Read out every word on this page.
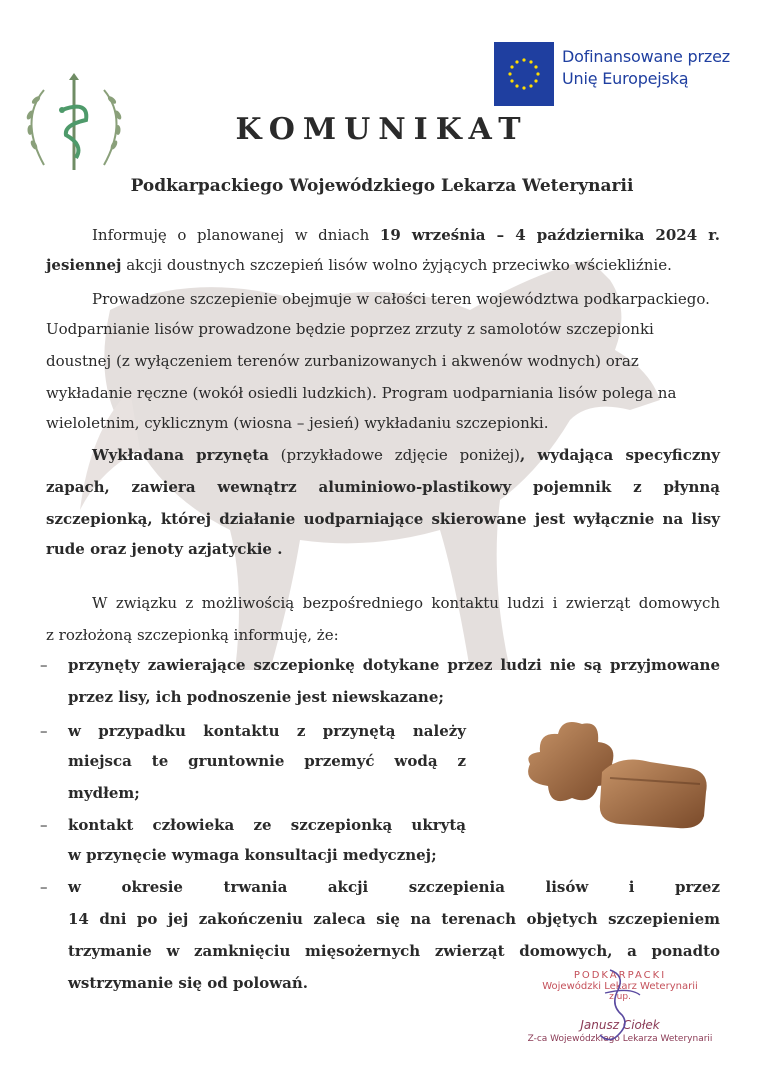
Dofinansowane przez
Unię Europejską
KOMUNIKAT
Podkarpackiego Wojewódzkiego Lekarza Weterynarii
Informuję o planowanej w dniach 19 września – 4 października 2024 r.
jesiennej akcji doustnych szczepień lisów wolno żyjących przeciwko wściekliźnie.
Prowadzone szczepienie obejmuje w całości teren województwa podkarpackiego.
Uodparnianie lisów prowadzone będzie poprzez zrzuty z samolotów szczepionki
doustnej (z wyłączeniem terenów zurbanizowanych i akwenów wodnych) oraz
wykładanie ręczne (wokół osiedli ludzkich). Program uodparniania lisów polega na
wieloletnim, cyklicznym (wiosna – jesień) wykładaniu szczepionki.
Wykładana przynęta (przykładowe zdjęcie poniżej), wydająca specyficzny
zapach, zawiera wewnątrz aluminiowo-plastikowy pojemnik z płynną
szczepionką, której działanie uodparniające skierowane jest wyłącznie na lisy
rude oraz jenoty azjatyckie .
W związku z możliwością bezpośredniego kontaktu ludzi i zwierząt domowych
z rozłożoną szczepionką informuję, że:
– przynęty zawierające szczepionkę dotykane przez ludzi nie są przyjmowane
przez lisy, ich podnoszenie jest niewskazane;
– w przypadku kontaktu z przynętą należy
miejsca te gruntownie przemyć wodą z
mydłem;
– kontakt człowieka ze szczepionką ukrytą
w przynęcie wymaga konsultacji medycznej;
– w okresie trwania akcji szczepienia lisów i przez
14 dni po jej zakończeniu zaleca się na terenach objętych szczepieniem
trzymanie w zamknięciu mięsożernych zwierząt domowych, a ponadto
wstrzymanie się od polowań.	PODKARPACKI
Wojewódzki Lekarz Weterynarii
z up.
Janusz Ciołek
Z-ca Wojewódzkiego Lekarza Weterynarii
